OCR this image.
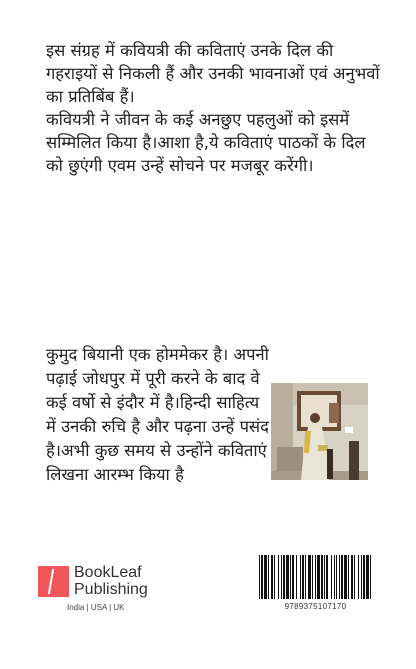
इस संग्रह में कवियत्री की कविताएं उनके दिल की गहराइयों से निकली हैं और उनकी भावनाओं एवं अनुभवों का प्रतिबिंब हैं।

कवियत्री ने जीवन के कई अनछुए पहलुओं को इसमें सम्मिलित किया है।आशा है,ये कविताएं पाठकों के दिल को छुएंगी एवम उन्हें सोचने पर मजबूर करेंगी।

कुमुद बियानी एक होममेकर है। अपनी पढ़ाई जोधपुर में पूरी करने के बाद वे कई वर्षो से इंदौर में है।हिन्दी साहित्य में उनकी रुचि है और पढ़ना उन्हें पसंद है।अभी कुछ समय से उन्होंने कविताएं लिखना आरम्भ किया है

BookLeaf
Publishing
India | USA | UK	9789375107170
